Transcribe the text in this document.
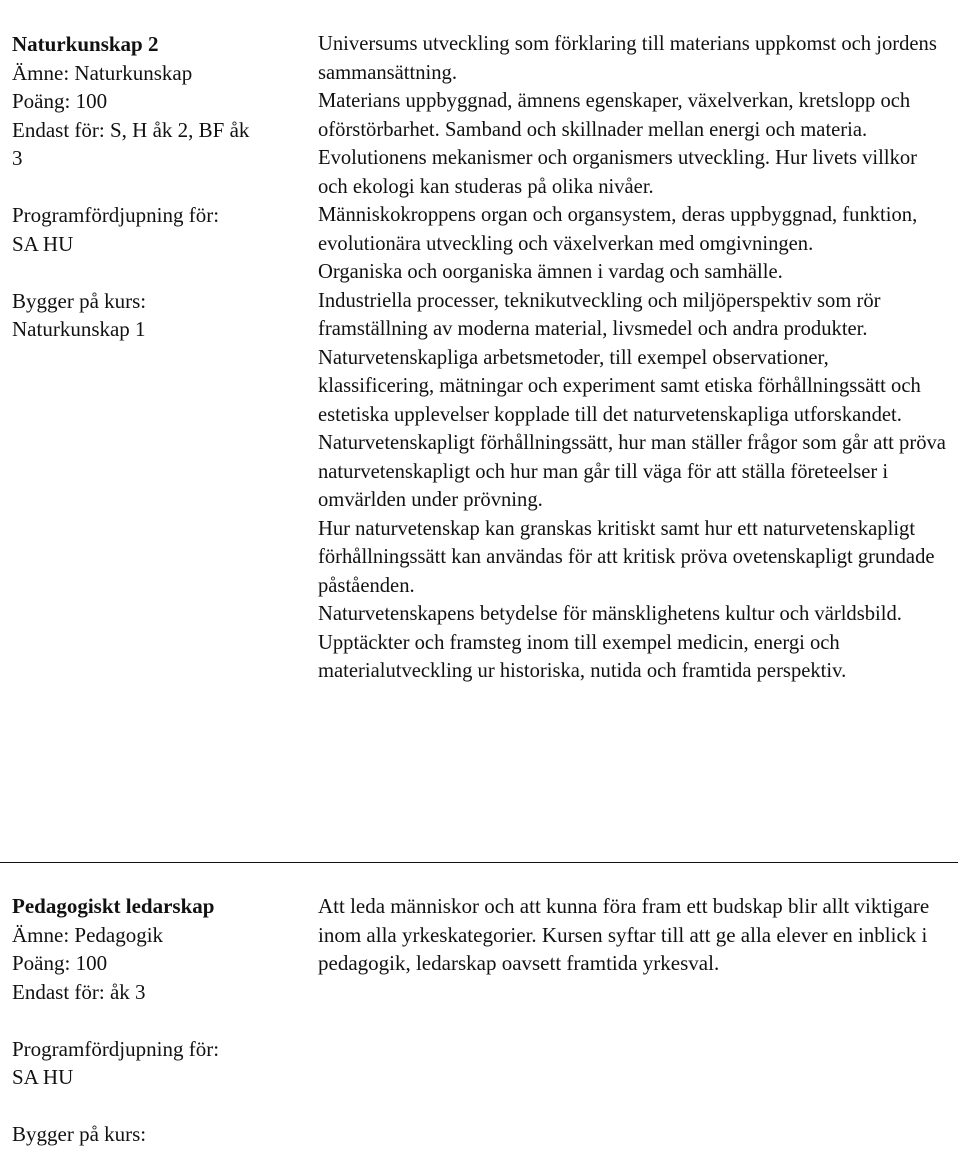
Naturkunskap 2
Ämne: Naturkunskap
Poäng: 100
Endast för: S, H åk 2, BF åk
3
Programfördjupning för:
SA HU
Bygger på kurs:
Naturkunskap 1

Universums utveckling som förklaring till materians uppkomst och jordens sammansättning.

Materians uppbyggnad, ämnens egenskaper, växelverkan, kretslopp och oförstörbarhet. Samband och skillnader mellan energi och materia.

Evolutionens mekanismer och organismers utveckling. Hur livets villkor och ekologi kan studeras på olika nivåer.

Människokroppens organ och organsystem, deras uppbyggnad, funktion, evolutionära utveckling och växelverkan med omgivningen.

Organiska och oorganiska ämnen i vardag och samhälle.

Industriella processer, teknikutveckling och miljöperspektiv som rör framställning av moderna material, livsmedel och andra produkter.

Naturvetenskapliga arbetsmetoder, till exempel observationer, klassificering, mätningar och experiment samt etiska förhållningssätt och estetiska upplevelser kopplade till det naturvetenskapliga utforskandet.

Naturvetenskapligt förhållningssätt, hur man ställer frågor som går att pröva naturvetenskapligt och hur man går till väga för att ställa företeelser i omvärlden under prövning.

Hur naturvetenskap kan granskas kritiskt samt hur ett naturvetenskapligt förhållningssätt kan användas för att kritisk pröva ovetenskapligt grundade påståenden.

Naturvetenskapens betydelse för mänsklighetens kultur och världsbild. Upptäckter och framsteg inom till exempel medicin, energi och materialutveckling ur historiska, nutida och framtida perspektiv.

Pedagogiskt ledarskap
Ämne: Pedagogik
Poäng: 100
Endast för: åk 3
Programfördjupning för:
SA HU
Bygger på kurs:

Att leda människor och att kunna föra fram ett budskap blir allt viktigare inom alla yrkeskategorier. Kursen syftar till att ge alla elever en inblick i pedagogik, ledarskap oavsett framtida yrkesval.
